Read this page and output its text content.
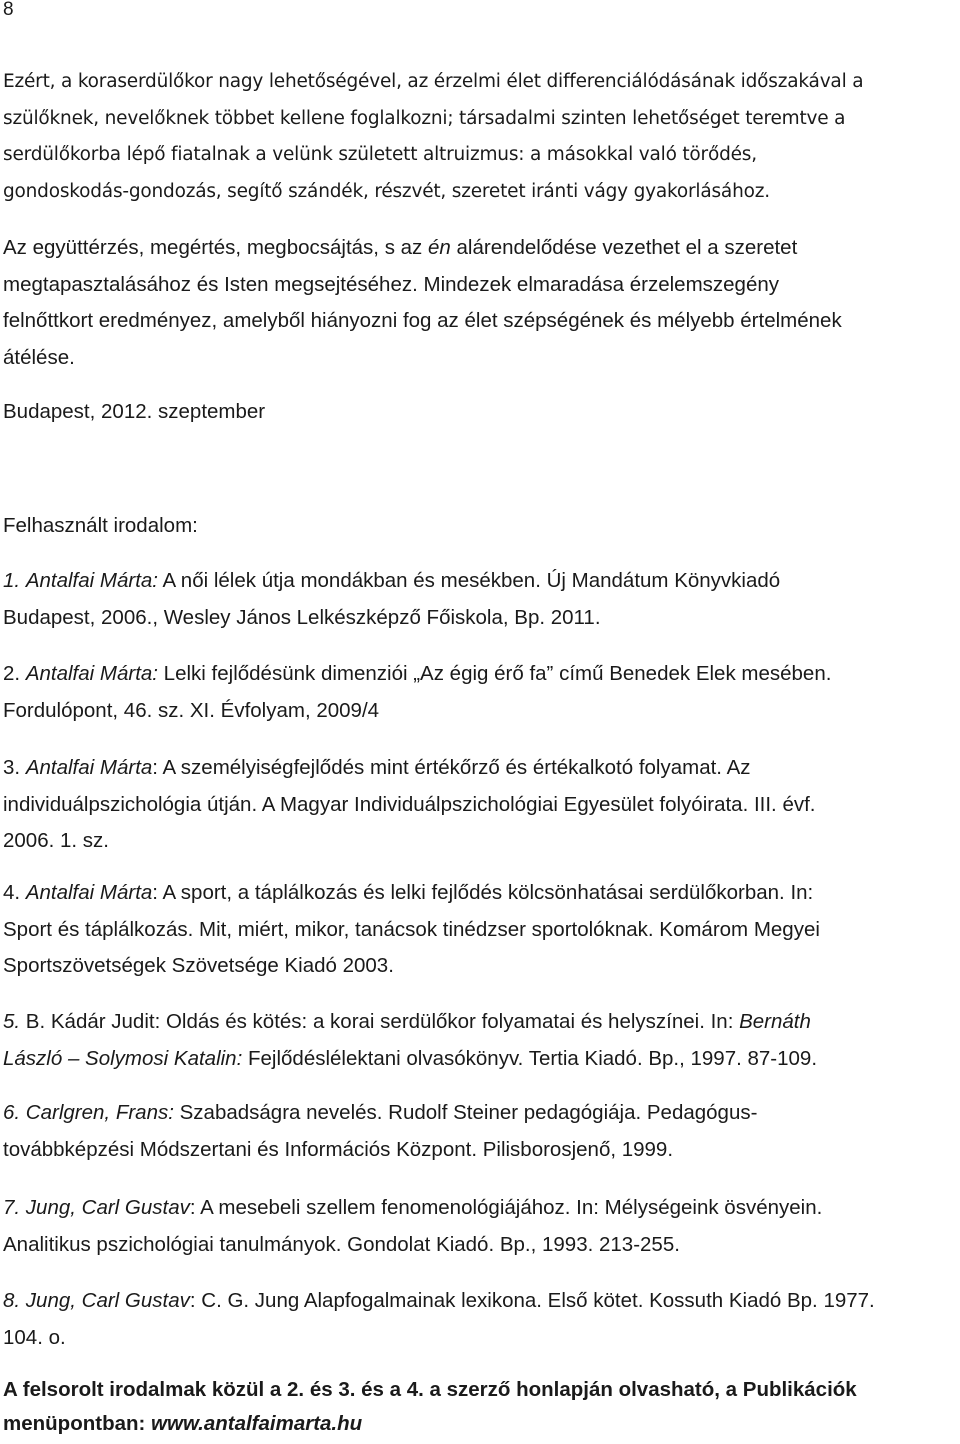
8

Ezért, a koraserdülőkor nagy lehetőségével, az érzelmi élet differenciálódásának időszakával a
szülőknek, nevelőknek többet kellene foglalkozni; társadalmi szinten lehetőséget teremtve a
serdülőkorba lépő fiatalnak a velünk született altruizmus: a másokkal való törődés,
gondoskodás-gondozás, segítő szándék, részvét, szeretet iránti vágy gyakorlásához.

Az együttérzés, megértés, megbocsájtás, s az én alárendelődése vezethet el a szeretet
megtapasztalásához és Isten megsejtéséhez. Mindezek elmaradása érzelemszegény
felnőttkort eredményez, amelyből hiányozni fog az élet szépségének és mélyebb értelmének
átélése.

Budapest, 2012. szeptember

Felhasznált irodalom:

1. Antalfai Márta: A női lélek útja mondákban és mesékben. Új Mandátum Könyvkiadó
Budapest, 2006., Wesley János Lelkészképző Főiskola, Bp. 2011.

2. Antalfai Márta: Lelki fejlődésünk dimenziói „Az égig érő fa” című Benedek Elek mesében.
Fordulópont, 46. sz. XI. Évfolyam, 2009/4

3. Antalfai Márta: A személyiségfejlődés mint értékőrző és értékalkotó folyamat. Az
individuálpszichológia útján. A Magyar Individuálpszichológiai Egyesület folyóirata. III. évf.
2006. 1. sz.

4. Antalfai Márta: A sport, a táplálkozás és lelki fejlődés kölcsönhatásai serdülőkorban. In:
Sport és táplálkozás. Mit, miért, mikor, tanácsok tinédzser sportolóknak. Komárom Megyei
Sportszövetségek Szövetsége Kiadó 2003.

5. B. Kádár Judit: Oldás és kötés: a korai serdülőkor folyamatai és helyszínei. In: Bernáth
László – Solymosi Katalin: Fejlődéslélektani olvasókönyv. Tertia Kiadó. Bp., 1997. 87-109.

6. Carlgren, Frans: Szabadságra nevelés. Rudolf Steiner pedagógiája. Pedagógus-
továbbképzési Módszertani és Információs Központ. Pilisborosjenő, 1999.

7. Jung, Carl Gustav: A mesebeli szellem fenomenológiájához. In: Mélységeink ösvényein.
Analitikus pszichológiai tanulmányok. Gondolat Kiadó. Bp., 1993. 213-255.

8. Jung, Carl Gustav: C. G. Jung Alapfogalmainak lexikona. Első kötet. Kossuth Kiadó Bp. 1977.
104. o.

A felsorolt irodalmak közül a 2. és 3. és a 4. a szerző honlapján olvasható, a Publikációk
menüpontban: www.antalfaimarta.hu
